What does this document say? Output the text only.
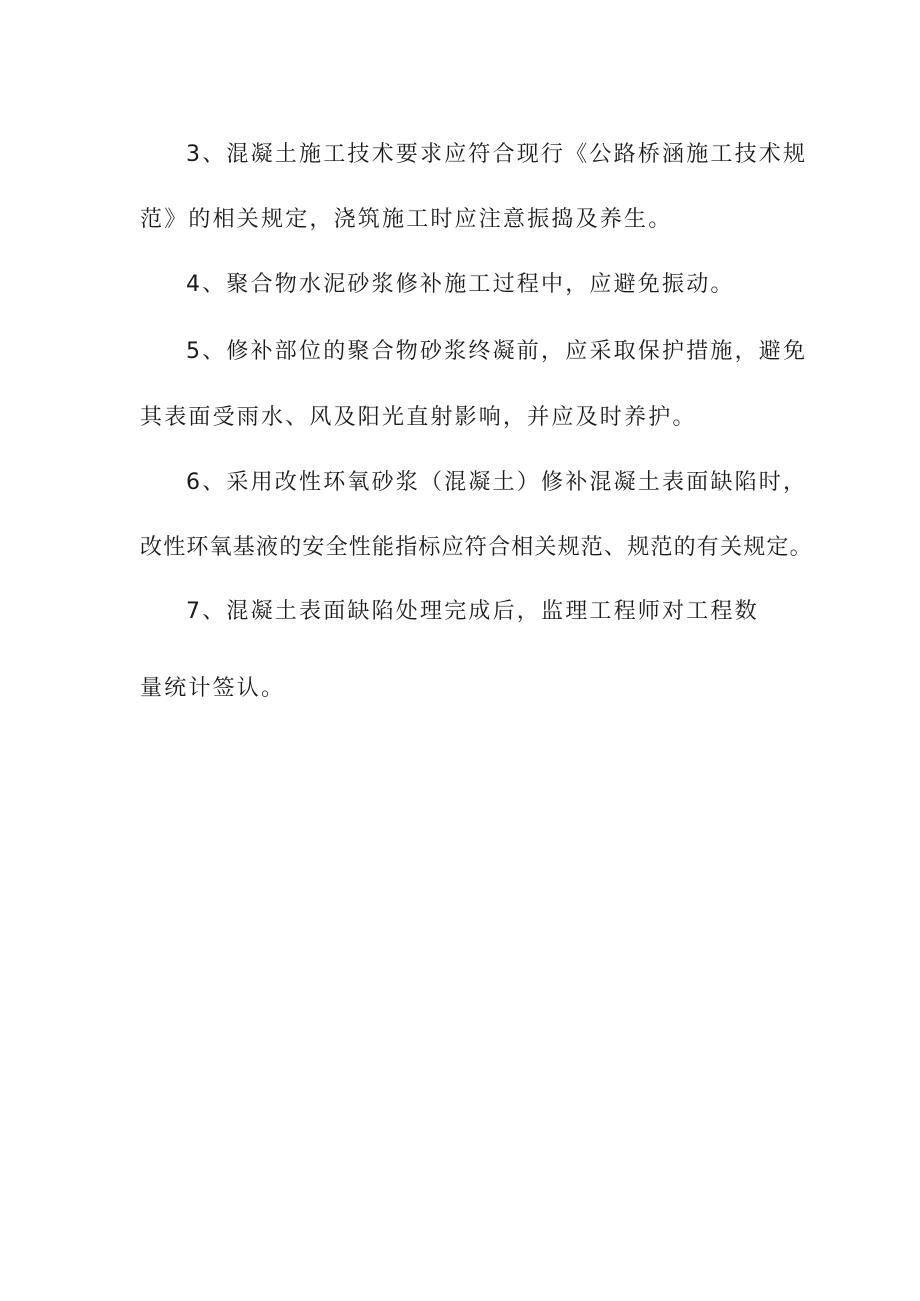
3、混凝土施工技术要求应符合现行《公路桥涵施工技术规
范》的相关规定，浇筑施工时应注意振捣及养生。
4、聚合物水泥砂浆修补施工过程中，应避免振动。
5、修补部位的聚合物砂浆终凝前，应采取保护措施，避免
其表面受雨水、风及阳光直射影响，并应及时养护。
6、采用改性环氧砂浆（混凝土）修补混凝土表面缺陷时，
改性环氧基液的安全性能指标应符合相关规范、规范的有关规定。
7、混凝土表面缺陷处理完成后，监理工程师对工程数
量统计签认。
